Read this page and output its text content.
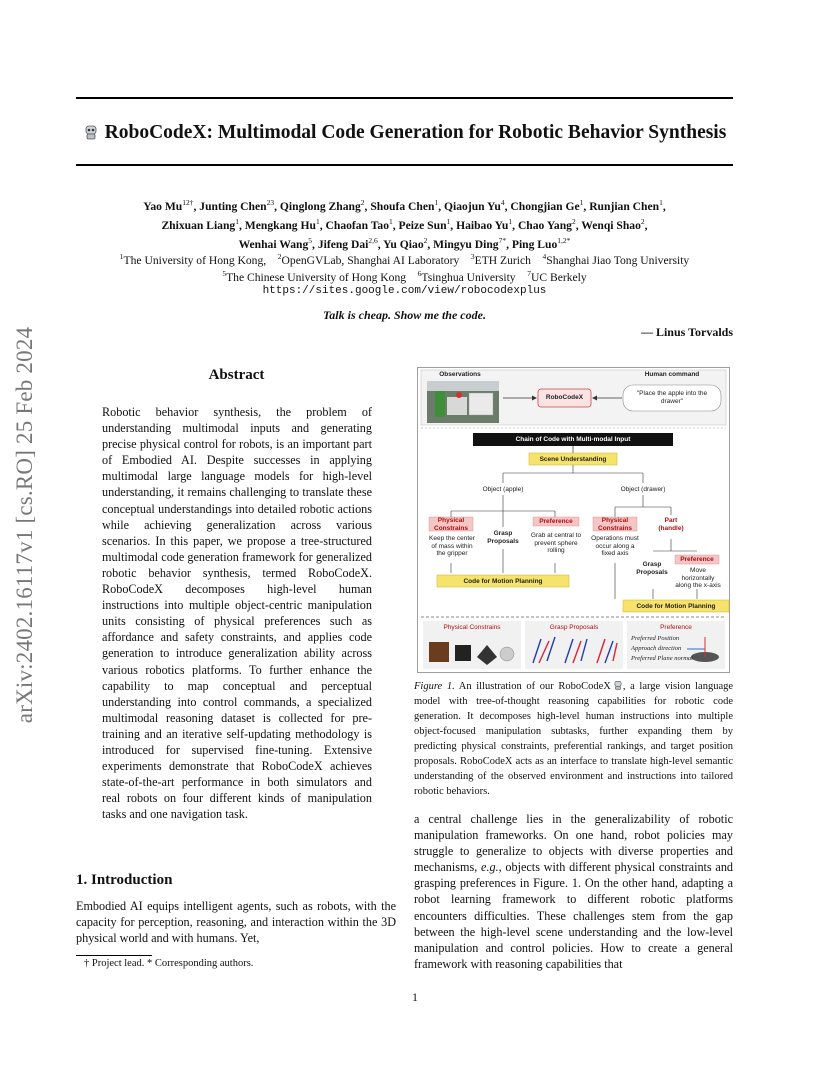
RoboCodeX: Multimodal Code Generation for Robotic Behavior Synthesis
Yao $Mu^{12\dagger}$, Junting Chen$^{23}$, Qinglong Zhang$^2$, Shoufa Chen$^1$, Qiaojun Yu$^4$, Chongjian Ge$^1$, Runjian Chen$^1$,
Zhixuan Liang$^1$, Mengkang Hu$^1$, Chaofan Tao$^1$, Peize Sun$^1$, Haibao Yu$^1$, Chao Yang$^2$, Wenqi Shao$^2$,
Wenhai Wang$^5$, Jifeng Dai$^{2,6}$, Yu Qiao$^2$, Mingyu Ding$^{7*}$, Ping Luo$^{1,2*}$
$^1$The University of Hong Kong, $^2$OpenGVLab, Shanghai AI Laboratory $^3$ETH Zurich $^4$Shanghai Jiao Tong University
$^5$The Chinese University of Hong Kong $^6$Tsinghua University $^7$UC Berkely
https://sites.google.com/view/robocodexplus
Talk is cheap. Show me the code.
— Linus Torvalds
arXiv:2402.16117v1 [cs.RO] 25 Feb 2024	Abstract
Robotic behavior synthesis, the problem of understanding multimodal inputs and generating precise physical control for robots, is an important part of Embodied AI. Despite successes in applying multimodal large language models for high-level understanding, it remains challenging to translate these conceptual understandings into detailed robotic actions while achieving generalization across various scenarios. In this paper, we propose a tree-structured multimodal code generation framework for generalized robotic behavior synthesis, termed RoboCodeX. RoboCodeX decomposes high-level human instructions into multiple object-centric manipulation units consisting of physical preferences such as affordance and safety constraints, and applies code generation to introduce generalization ability across various robotics platforms. To further enhance the capability to map conceptual and perceptual understanding into control commands, a specialized multimodal reasoning dataset is collected for pre-training and an iterative self-updating methodology is introduced for supervised fine-tuning. Extensive experiments demonstrate that RoboCodeX achieves state-of-the-art performance in both simulators and real robots on four different kinds of manipulation tasks and one navigation task.
1. Introduction
Embodied AI equips intelligent agents, such as robots, with the capacity for perception, reasoning, and interaction within the 3D physical world and with humans. Yet,
† Project lead. * Corresponding authors.
1
Observations	Human command
RoboCodeX
"Place the apple into the drawer"
Chain of Code with Multi-modal Input
Scene Understanding
Object (apple)	Object (drawer)
Physical Constrains
Keep the center of mass within the gripper
Grasp Proposals
Preference
Grab at central to prevent sphere rolling
Physical Constrains
Operations must occur along a fixed axis
Part (handle)
Grasp Proposals
Preference
Move horizontally along the x-axis
Code for Motion Planning
Code for Motion Planning
Physical Constrains	Grasp Proposals	Preference
Preferred Position
Approach direction
Preferred Plane normal
Figure 1. An illustration of our RoboCodeX , a large vision language model with tree-of-thought reasoning capabilities for robotic code generation. It decomposes high-level human instructions into multiple object-focused manipulation subtasks, further expanding them by predicting physical constraints, preferential rankings, and target position proposals. RoboCodeX acts as an interface to translate high-level semantic understanding of the observed environment and instructions into tailored robotic behaviors.
a central challenge lies in the generalizability of robotic manipulation frameworks. On one hand, robot policies may struggle to generalize to objects with diverse properties and mechanisms, e.g., objects with different physical constraints and grasping preferences in Figure. 1. On the other hand, adapting a robot learning framework to different robotic platforms encounters difficulties. These challenges stem from the gap between the high-level scene understanding and the low-level manipulation and control policies. How to create a general framework with reasoning capabilities that
